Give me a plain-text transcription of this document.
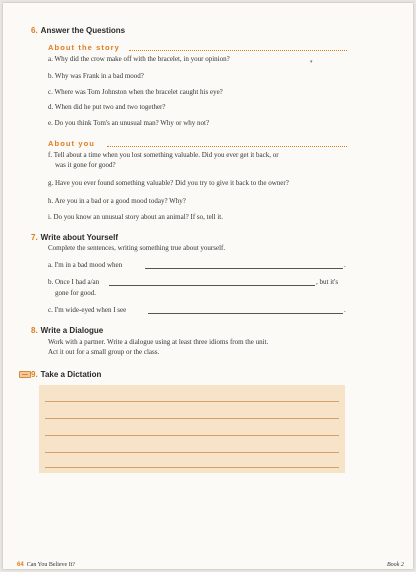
6. Answer the Questions
About the story
a. Why did the crow make off with the bracelet, in your opinion?	▾
b. Why was Frank in a bad mood?
c. Where was Tom Johnston when the bracelet caught his eye?
d. When did he put two and two together?
e. Do you think Tom's an unusual man? Why or why not?
About you
f. Tell about a time when you lost something valuable. Did you ever get it back, or
was it gone for good?
g. Have you ever found something valuable? Did you try to give it back to the owner?
h. Are you in a bad or a good mood today? Why?
i. Do you know an unusual story about an animal? If so, tell it.
7. Write about Yourself
Complete the sentences, writing something true about yourself.
a. I'm in a bad mood when	.
b. Once I had a/an	, but it's
gone for good.
c. I'm wide-eyed when I see	.
8. Write a Dialogue
Work with a partner. Write a dialogue using at least three idioms from the unit.
Act it out for a small group or the class.
9. Take a Dictation
64 Can You Believe It?	Book 2
